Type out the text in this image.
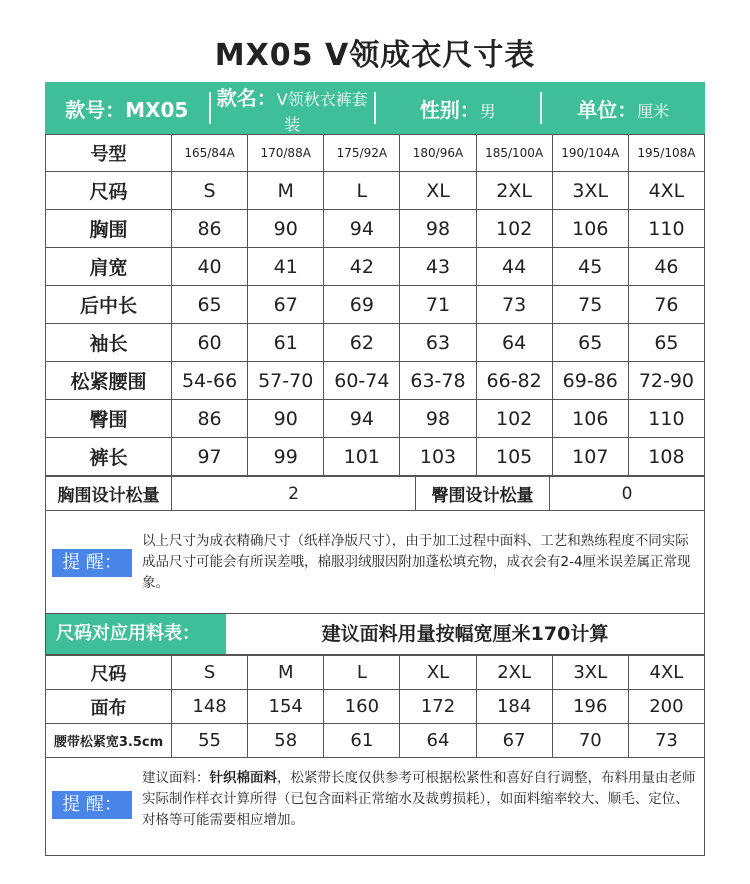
MX05 V领成衣尺寸表
款号：MX05	款名：V领秋衣裤套装
性别：男	单位：厘米
号型	165/84A	170/88A	175/92A	180/96A	185/100A	190/104A	195/108A
尺码	S	M	L	XL	2XL	3XL	4XL
胸围	86	90	94	98	102	106	110
肩宽	40	41	42	43	44	45	46
后中长	65	67	69	71	73	75	76
袖长	60	61	62	63	64	65	65
松紧腰围	54-66	57-70	60-74	63-78	66-82	69-86	72-90
臀围	86	90	94	98	102	106	110
裤长	97	99	101	103	105	107	108
胸围设计松量	2	臀围设计松量	0
提 醒：
以上尺寸为成衣精确尺寸（纸样净版尺寸），由于加工过程中面料、工艺和熟练程度不同实际成品尺寸可能会有所误差哦，棉服羽绒服因附加蓬松填充物，成衣会有2-4厘米误差属正常现象。
尺码对应用料表：	建议面料用量按幅宽厘米170计算
尺码	S	M	L	XL	2XL	3XL	4XL
面布	148	154	160	172	184	196	200
腰带松紧宽3.5cm	55	58	61	64	67	70	73
提 醒：
建议面料：针织棉面料，松紧带长度仅供参考可根据松紧性和喜好自行调整，布料用量由老师实际制作样衣计算所得（已包含面料正常缩水及裁剪损耗），如面料缩率较大、顺毛、定位、对格等可能需要相应增加。
